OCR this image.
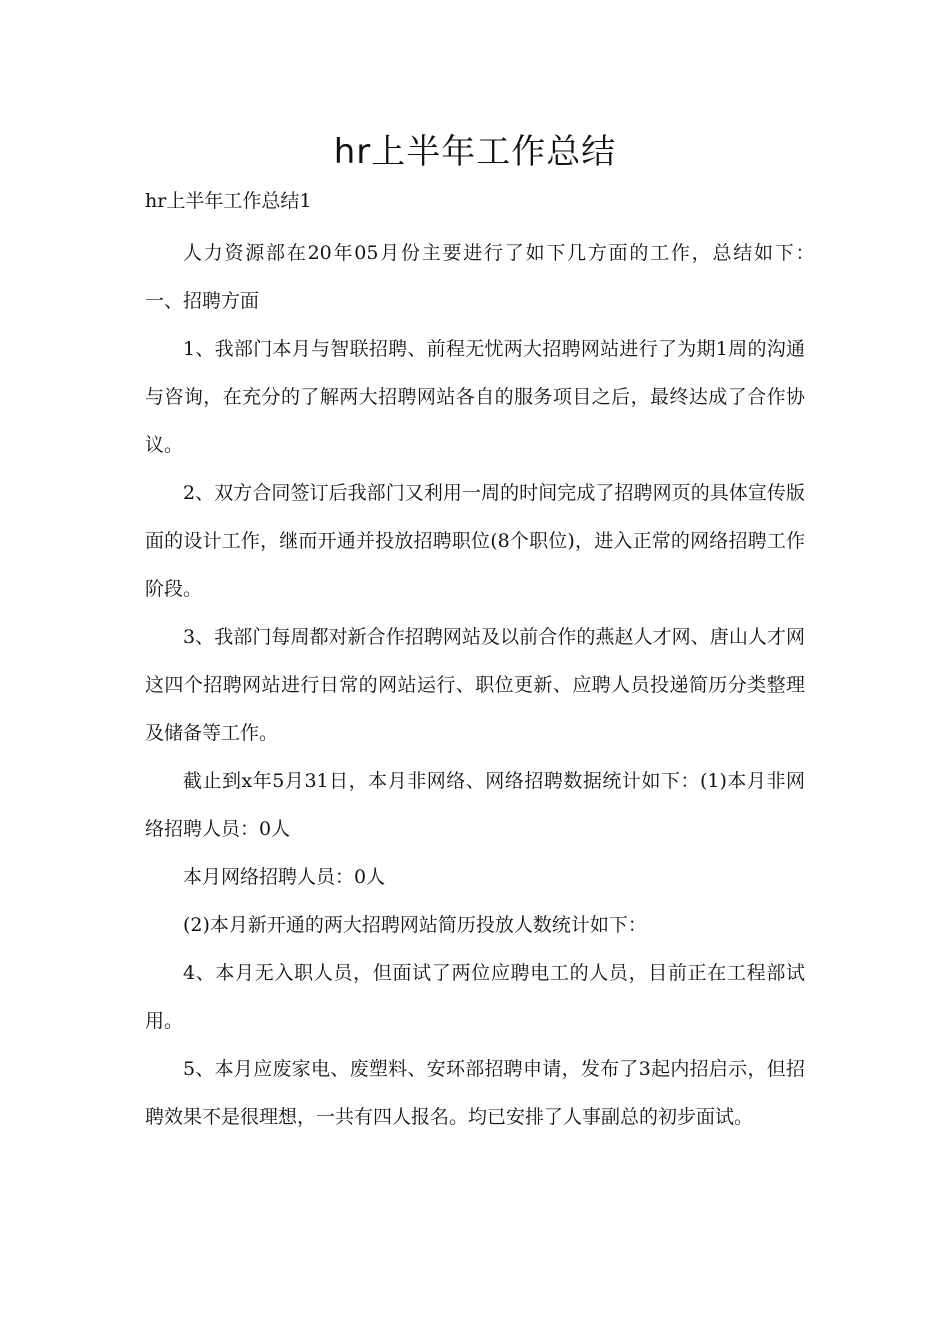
hr上半年工作总结
hr上半年工作总结1

人力资源部在20年05月份主要进行了如下几方面的工作，总结如下：　一、招聘方面

1、我部门本月与智联招聘、前程无忧两大招聘网站进行了为期1周的沟通与咨询，在充分的了解两大招聘网站各自的服务项目之后，最终达成了合作协议。

2、双方合同签订后我部门又利用一周的时间完成了招聘网页的具体宣传版面的设计工作，继而开通并投放招聘职位(8个职位)，进入正常的网络招聘工作阶段。

3、我部门每周都对新合作招聘网站及以前合作的燕赵人才网、唐山人才网这四个招聘网站进行日常的网站运行、职位更新、应聘人员投递简历分类整理及储备等工作。

截止到x年5月31日，本月非网络、网络招聘数据统计如下：(1)本月非网络招聘人员：0人

本月网络招聘人员：0人

(2)本月新开通的两大招聘网站简历投放人数统计如下：

4、本月无入职人员，但面试了两位应聘电工的人员，目前正在工程部试用。

5、本月应废家电、废塑料、安环部招聘申请，发布了3起内招启示，但招聘效果不是很理想，一共有四人报名。均已安排了人事副总的初步面试。
